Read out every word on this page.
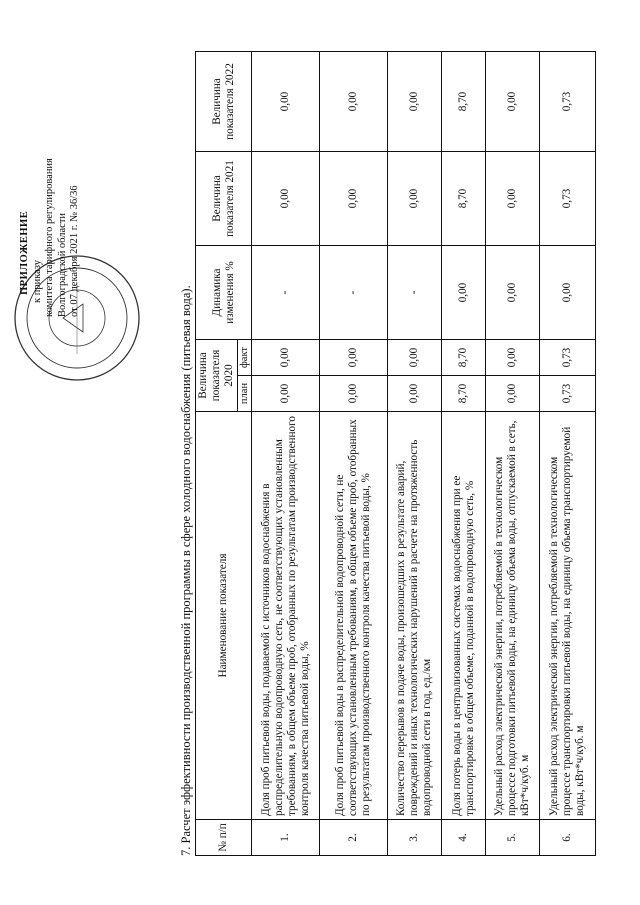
ПРИЛОЖЕНИЕ к приказу комитета тарифного регулирования Волгоградской области от 07 декабря 2021 г. № 36/36
7. Расчет эффективности производственной программы в сфере холодного водоснабжения (питьевая вода). № п/п	Наименование показателя	Величина показателя 2020		Динамика изменения %	Величина показателя 2021	Величина показателя 2022
		план	факт			
1.	Доля проб питьевой воды, подаваемой с источников водоснабжения в распределительную водопроводную сеть, не соответствующих установленным требованиям, в общем объеме проб, отобранных по результатам производственного контроля качества питьевой воды, %	0,00	0,00	-	0,00	0,00
2.	Доля проб питьевой воды в распределительной водопроводной сети, не соответствующих установленным требованиям, в общем объеме проб, отобранных по результатам производственного контроля качества питьевой воды, %	0,00	0,00	-	0,00	0,00
3.	Количество перерывов в подаче воды, произошедших в результате аварий, повреждений и иных технологических нарушений в расчете на протяженность водопроводной сети в год, ед./км	0,00	0,00	-	0,00	0,00
4.	Доля потерь воды в централизованных системах водоснабжения при ее транспортировке в общем объеме, поданной в водопроводную сеть, %	8,70	8,70	0,00	8,70	8,70
5.	Удельный расход электрической энергии, потребляемой в технологическом процессе подготовки питьевой воды, на единицу объема воды, отпускаемой в сеть, кВт*ч/куб. м	0,00	0,00	0,00	0,00	0,00
6.	Удельный расход электрической энергии, потребляемой в технологическом процессе транспортировки питьевой воды, на единицу объема транспортируемой воды, кВт*ч/куб. м	0,73	0,73	0,00	0,73	0,73
